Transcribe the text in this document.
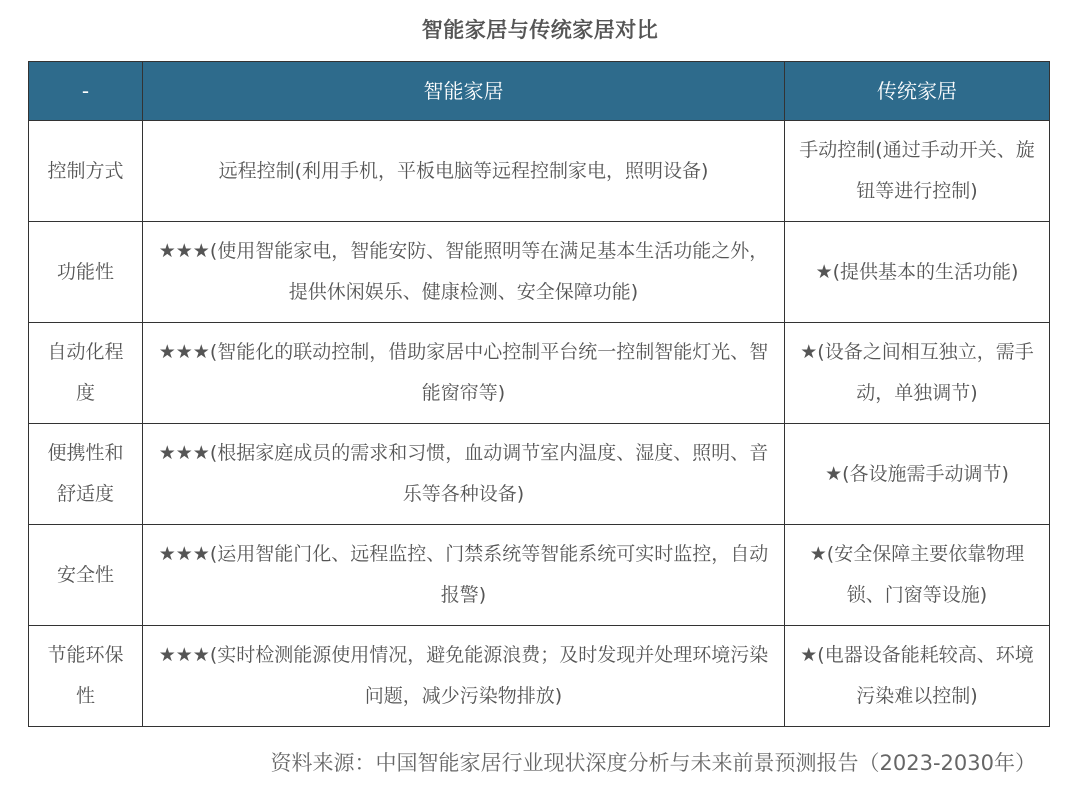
智能家居与传统家居对比
-	智能家居	传统家居
控制方式	远程控制(利用手机，平板电脑等远程控制家电，照明设备)	手动控制(通过手动开关、旋钮等进行控制)
功能性	★★★(使用智能家电，智能安防、智能照明等在满足基本生活功能之外，提供休闲娱乐、健康检测、安全保障功能)	★(提供基本的生活功能)
自动化程度	★★★(智能化的联动控制，借助家居中心控制平台统一控制智能灯光、智能窗帘等)	★(设备之间相互独立，需手动，单独调节)
便携性和舒适度	★★★(根据家庭成员的需求和习惯，血动调节室内温度、湿度、照明、音乐等各种设备)	★(各设施需手动调节)
安全性	★★★(运用智能门化、远程监控、门禁系统等智能系统可实时监控，自动报警)	★(安全保障主要依靠物理锁、门窗等设施)
节能环保性	★★★(实时检测能源使用情况，避免能源浪费；及时发现并处理环境污染问题，减少污染物排放)	★(电器设备能耗较高、环境污染难以控制)
资料来源：中国智能家居行业现状深度分析与未来前景预测报告（2023-2030年）
